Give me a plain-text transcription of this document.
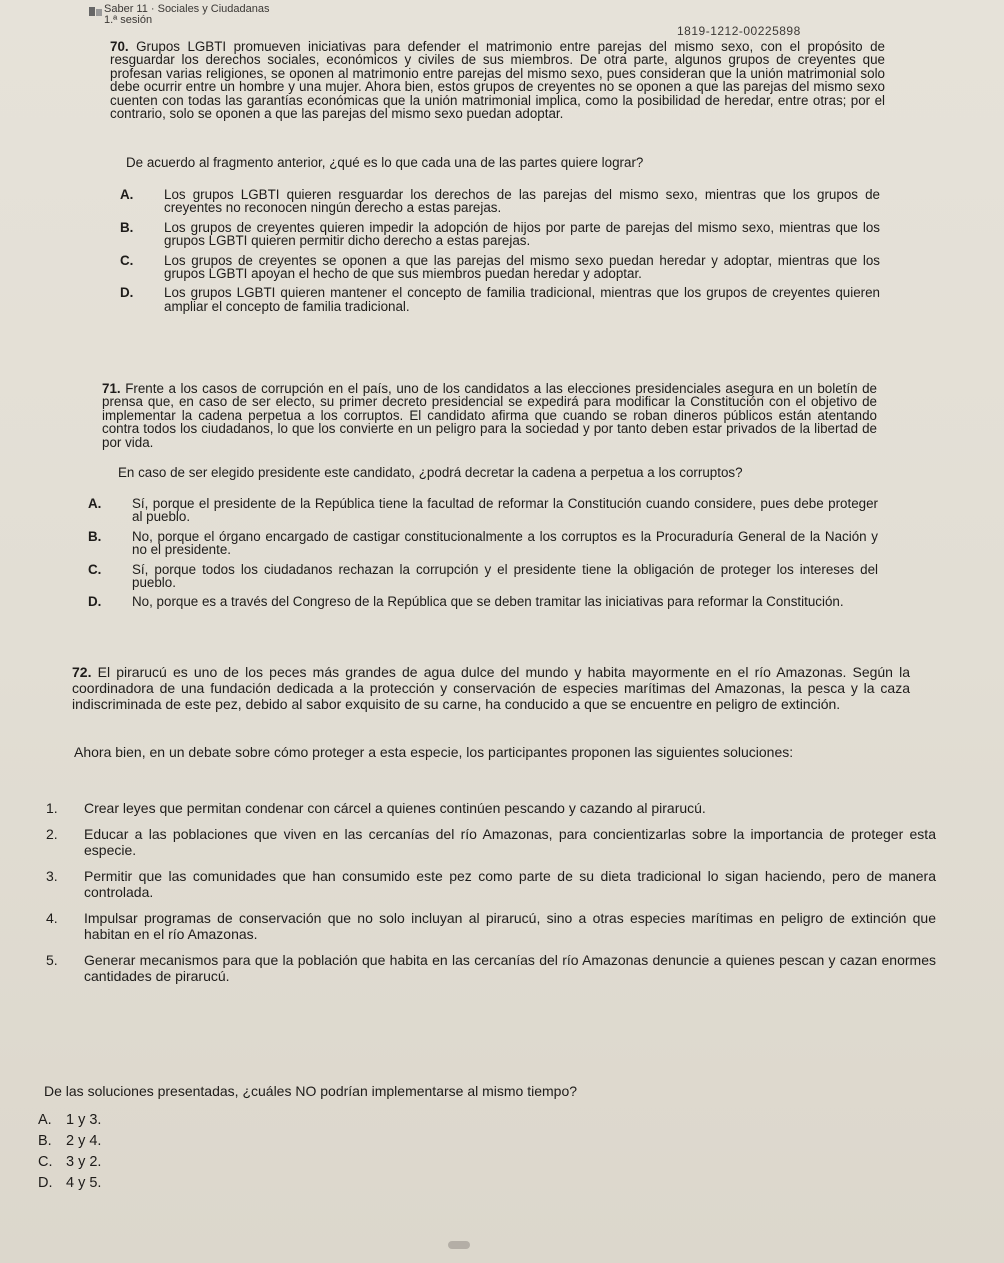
Saber 11 · Sociales y Ciudadanas
1.ª sesión
1819-1212-00225898
70. Grupos LGBTI promueven iniciativas para defender el matrimonio entre parejas del mismo sexo, con el propósito de resguardar los derechos sociales, económicos y civiles de sus miembros. De otra parte, algunos grupos de creyentes que profesan varias religiones, se oponen al matrimonio entre parejas del mismo sexo, pues consideran que la unión matrimonial solo debe ocurrir entre un hombre y una mujer. Ahora bien, estos grupos de creyentes no se oponen a que las parejas del mismo sexo cuenten con todas las garantías económicas que la unión matrimonial implica, como la posibilidad de heredar, entre otras; por el contrario, solo se oponen a que las parejas del mismo sexo puedan adoptar.
De acuerdo al fragmento anterior, ¿qué es lo que cada una de las partes quiere lograr?
A.	Los grupos LGBTI quieren resguardar los derechos de las parejas del mismo sexo, mientras que los grupos de creyentes no reconocen ningún derecho a estas parejas.
B.	Los grupos de creyentes quieren impedir la adopción de hijos por parte de parejas del mismo sexo, mientras que los grupos LGBTI quieren permitir dicho derecho a estas parejas.
C.	Los grupos de creyentes se oponen a que las parejas del mismo sexo puedan heredar y adoptar, mientras que los grupos LGBTI apoyan el hecho de que sus miembros puedan heredar y adoptar.
D.	Los grupos LGBTI quieren mantener el concepto de familia tradicional, mientras que los grupos de creyentes quieren ampliar el concepto de familia tradicional.
71. Frente a los casos de corrupción en el país, uno de los candidatos a las elecciones presidenciales asegura en un boletín de prensa que, en caso de ser electo, su primer decreto presidencial se expedirá para modificar la Constitución con el objetivo de implementar la cadena perpetua a los corruptos. El candidato afirma que cuando se roban dineros públicos están atentando contra todos los ciudadanos, lo que los convierte en un peligro para la sociedad y por tanto deben estar privados de la libertad de por vida.
En caso de ser elegido presidente este candidato, ¿podrá decretar la cadena a perpetua a los corruptos?
A.	Sí, porque el presidente de la República tiene la facultad de reformar la Constitución cuando considere, pues debe proteger al pueblo.
B.	No, porque el órgano encargado de castigar constitucionalmente a los corruptos es la Procuraduría General de la Nación y no el presidente.
C.	Sí, porque todos los ciudadanos rechazan la corrupción y el presidente tiene la obligación de proteger los intereses del pueblo.
D.	No, porque es a través del Congreso de la República que se deben tramitar las iniciativas para reformar la Constitución.
72. El piraruсú es uno de los peces más grandes de agua dulce del mundo y habita mayormente en el río Amazonas. Según la coordinadora de una fundación dedicada a la protección y conservación de especies marítimas del Amazonas, la pesca y la caza indiscriminada de este pez, debido al sabor exquisito de su carne, ha conducido a que se encuentre en peligro de extinción.
Ahora bien, en un debate sobre cómo proteger a esta especie, los participantes proponen las siguientes soluciones:
1.	Crear leyes que permitan condenar con cárcel a quienes continúen pescando y cazando al piraruсú.
2.	Educar a las poblaciones que viven en las cercanías del río Amazonas, para concientizarlas sobre la importancia de proteger esta especie.
3.	Permitir que las comunidades que han consumido este pez como parte de su dieta tradicional lo sigan haciendo, pero de manera controlada.
4.	Impulsar programas de conservación que no solo incluyan al piraruсú, sino a otras especies marítimas en peligro de extinción que habitan en el río Amazonas.
5.	Generar mecanismos para que la población que habita en las cercanías del río Amazonas denuncie a quienes pescan y cazan enormes cantidades de piraruсú.
De las soluciones presentadas, ¿cuáles NO podrían implementarse al mismo tiempo?
A. 1 y 3.
B. 2 y 4.
C. 3 y 2.
D. 4 y 5.
